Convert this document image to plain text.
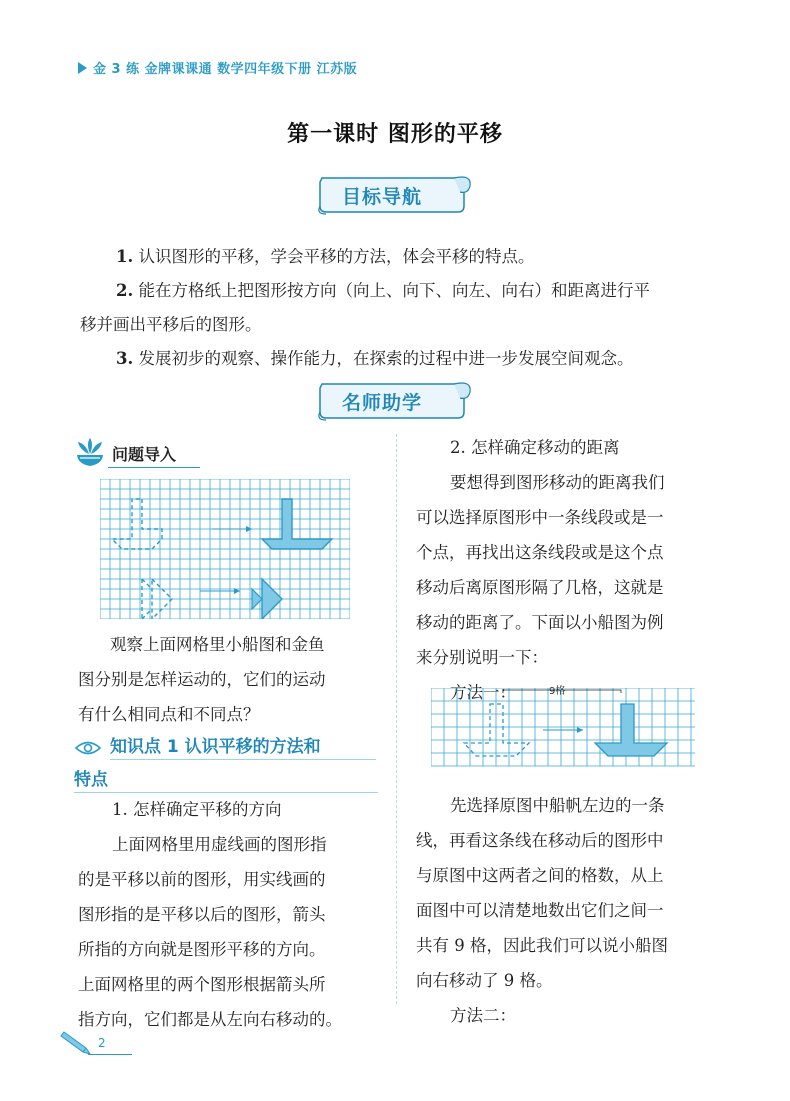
金 3 练 金牌课课通 数学四年级下册 江苏版
第一课时 图形的平移
目标导航
1. 认识图形的平移，学会平移的方法，体会平移的特点。
2. 能在方格纸上把图形按方向（向上、向下、向左、向右）和距离进行平
移并画出平移后的图形。
3. 发展初步的观察、操作能力，在探索的过程中进一步发展空间观念。
名师助学
问题导入
观察上面网格里小船图和金鱼
图分别是怎样运动的，它们的运动
有什么相同点和不同点？
知识点 1 认识平移的方法和
特点
1. 怎样确定平移的方向
上面网格里用虚线画的图形指
的是平移以前的图形，用实线画的
图形指的是平移以后的图形，箭头
所指的方向就是图形平移的方向。
上面网格里的两个图形根据箭头所
指方向，它们都是从左向右移动的。
2. 怎样确定移动的距离
要想得到图形移动的距离我们
可以选择原图形中一条线段或是一
个点，再找出这条线段或是这个点
移动后离原图形隔了几格，这就是
移动的距离了。下面以小船图为例
来分别说明一下：
方法一：	9格
先选择原图中船帆左边的一条
线，再看这条线在移动后的图形中
与原图中这两者之间的格数，从上
面图中可以清楚地数出它们之间一
共有 9 格，因此我们可以说小船图
向右移动了 9 格。
方法二：
2
